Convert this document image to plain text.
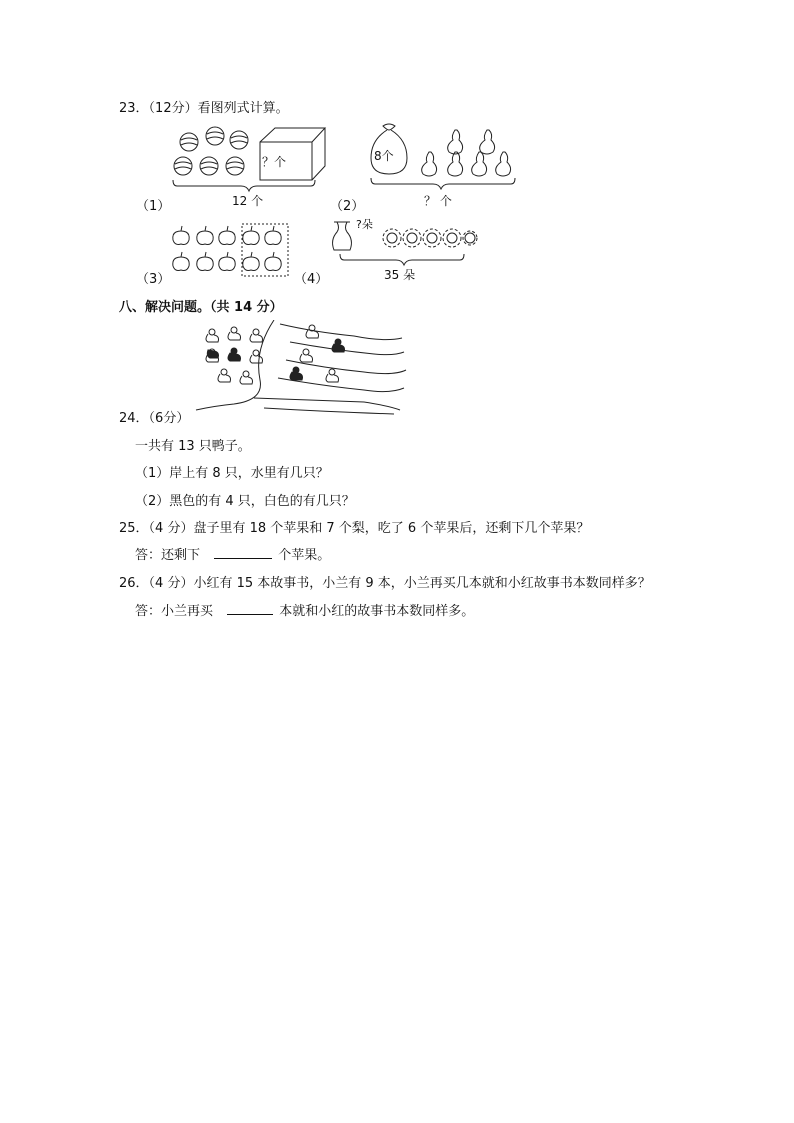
23．（12分）看图列式计算。
？个
12 个
（1）
8个
？ 个
（2）
（3）	（4）
?朵
35 朵
八、解决问题。（共 14 分）
24．（6分）
一共有 13 只鸭子。
（1）岸上有 8 只，水里有几只？
（2）黑色的有 4 只，白色的有几只？
25．（4 分）盘子里有 18 个苹果和 7 个梨，吃了 6 个苹果后，还剩下几个苹果？
答：还剩下	个苹果。
26．（4 分）小红有 15 本故事书，小兰有 9 本，小兰再买几本就和小红故事书本数同样多？
答：小兰再买	本就和小红的故事书本数同样多。
